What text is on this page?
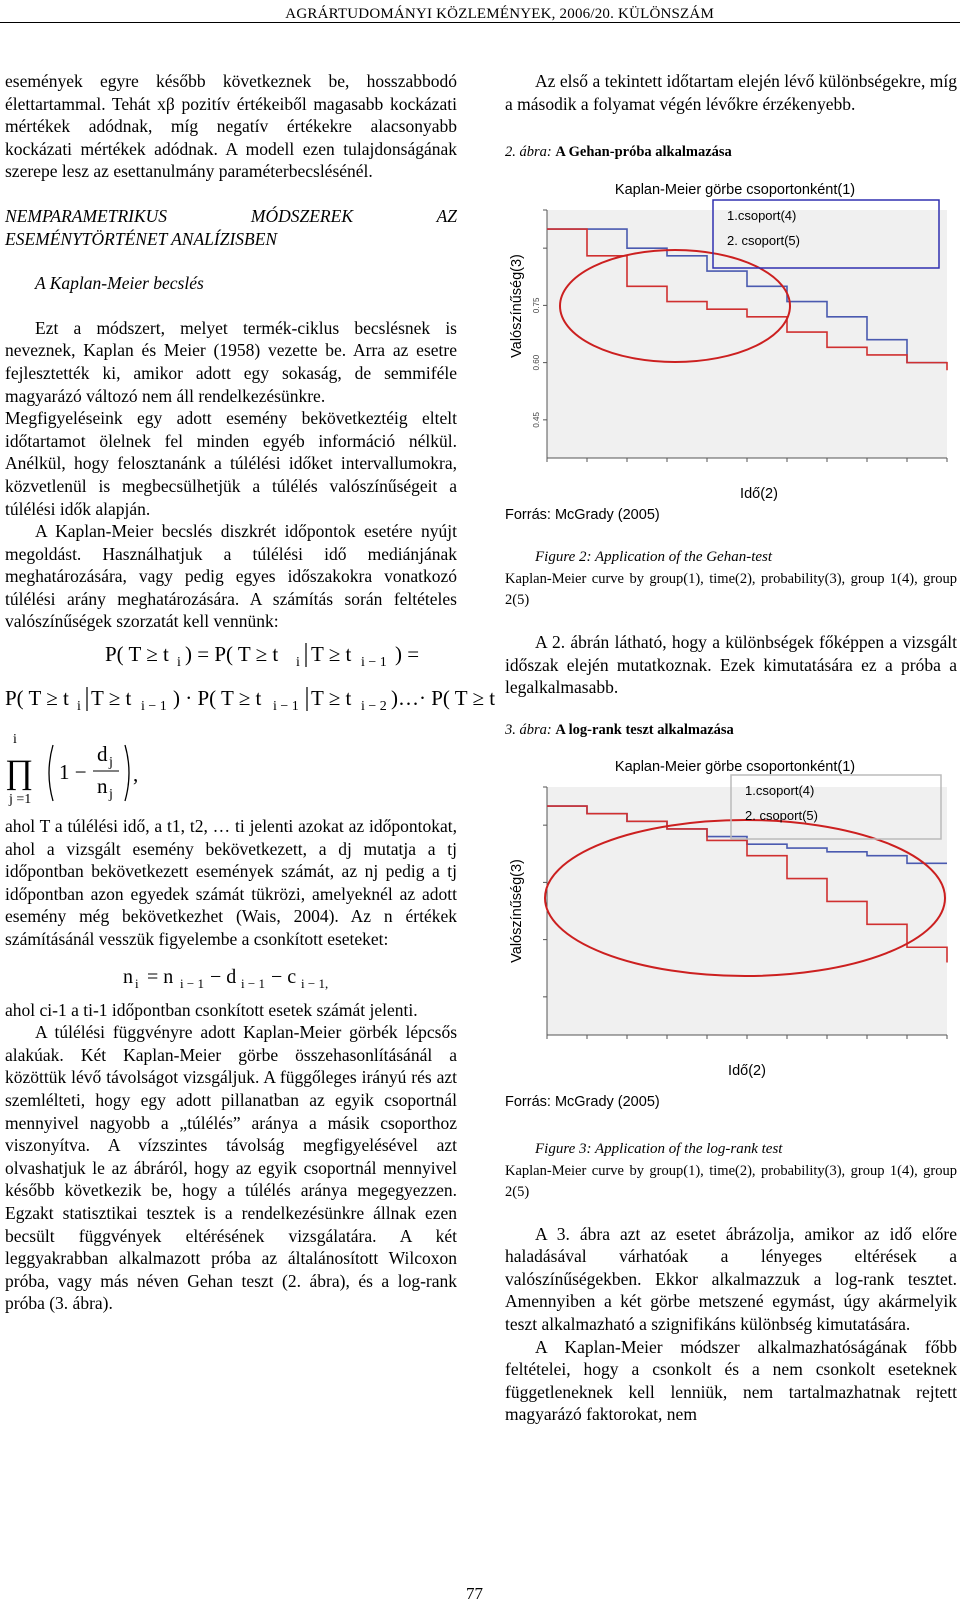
AGRÁRTUDOMÁNYI KÖZLEMÉNYEK, 2006/20. KÜLÖNSZÁM

események egyre később következnek be, hosszabbodó élettartammal. Tehát xβ pozitív értékeiből magasabb kockázati mértékek adódnak, míg negatív értékekre alacsonyabb kockázati mértékek adódnak. A modell ezen tulajdonságának szerepe lesz az esettanulmány paraméterbecslésénél.

NEMPARAMETRIKUS MÓDSZEREK AZ ESEMÉNYTÖRTÉNET ANALÍZISBEN

A Kaplan-Meier becslés

Ezt a módszert, melyet termék-ciklus becslésnek is neveznek, Kaplan és Meier (1958) vezette be. Arra az esetre fejlesztették ki, amikor adott egy sokaság, de semmiféle magyarázó változó nem áll rendelkezésünkre.

Megfigyeléseink egy adott esemény bekövetkeztéig eltelt időtartamot ölelnek fel minden egyéb információ nélkül. Anélkül, hogy felosztanánk a túlélési időket intervallumokra, közvetlenül is megbecsülhetjük a túlélés valószínűségeit a túlélési idők alapján.

A Kaplan-Meier becslés diszkrét időpontok esetére nyújt megoldást. Használhatjuk a túlélési idő mediánjának meghatározására, vagy pedig egyes időszakokra vonatkozó túlélési arány meghatározására. A számítás során feltételes valószínűségek szorzatát kell vennünk:

P( T ≥ t i ) = P( T ≥ t i T ≥ t i − 1 ) =
P( T ≥ t i T ≥ t i − 1 ) · P( T ≥ t i − 1 T ≥ t i − 2 )…· P( T ≥ t
i
∏
j =1
1 −
d j
n j
,

ahol T a túlélési idő, a t1, t2, … ti jelenti azokat az időpontokat, ahol a vizsgált esemény bekövetkezett, a dj mutatja a tj időpontban bekövetkezett események számát, az nj pedig a tj időpontban azon egyedek számát tükrözi, amelyeknél az adott esemény még bekövetkezhet (Wais, 2004). Az n értékek számításánál vesszük figyelembe a csonkított eseteket:

n i = n i − 1 − d i − 1 − c i − 1,

ahol ci-1 a ti-1 időpontban csonkított esetek számát jelenti.

A túlélési függvényre adott Kaplan-Meier görbék lépcsős alakúak. Két Kaplan-Meier görbe összehasonlításánál a közöttük lévő távolságot vizsgáljuk. A függőleges irányú rés azt szemlélteti, hogy egy adott pillanatban az egyik csoportnál mennyivel nagyobb a „túlélés” aránya a másik csoporthoz viszonyítva. A vízszintes távolság megfigyelésével azt olvashatjuk le az ábráról, hogy az egyik csoportnál mennyivel később következik be, hogy a túlélés aránya megegyezzen. Egzakt statisztikai tesztek is a rendelkezésünkre állnak ezen becsült függvények eltérésének vizsgálatára. A két leggyakrabban alkalmazott próba az általánosított Wilcoxon próba, vagy más néven Gehan teszt (2. ábra), és a log-rank próba (3. ábra).

Az első a tekintett időtartam elején lévő különbségekre, míg a második a folyamat végén lévőkre érzékenyebb.

2. ábra: A Gehan-próba alkalmazása

Kaplan-Meier görbe csoportonként(1)
0.75
0.60
0.45
1.csoport(4)
2. csoport(5)
Valószínűség(3)
Idő(2)

Forrás: McGrady (2005)

Figure 2: Application of the Gehan-test

Kaplan-Meier curve by group(1), time(2), probability(3), group 1(4), group 2(5)

A 2. ábrán látható, hogy a különbségek főképpen a vizsgált időszak elején mutatkoznak. Ezek kimutatására ez a próba a legalkalmasabb.

3. ábra: A log-rank teszt alkalmazása

Kaplan-Meier görbe csoportonként(1)
1.csoport(4)
2. csoport(5)
Valószínűség(3)
Idő(2)

Forrás: McGrady (2005)

Figure 3: Application of the log-rank test

Kaplan-Meier curve by group(1), time(2), probability(3), group 1(4), group 2(5)

A 3. ábra azt az esetet ábrázolja, amikor az idő előre haladásával várhatóak a lényeges eltérések a valószínűségekben. Ekkor alkalmazzuk a log-rank tesztet. Amennyiben a két görbe metszené egymást, úgy akármelyik teszt alkalmazható a szignifikáns különbség kimutatására.

A Kaplan-Meier módszer alkalmazhatóságának főbb feltételei, hogy a csonkolt és a nem csonkolt eseteknek függetleneknek kell lenniük, nem tartalmazhatnak rejtett magyarázó faktorokat, nem

77
